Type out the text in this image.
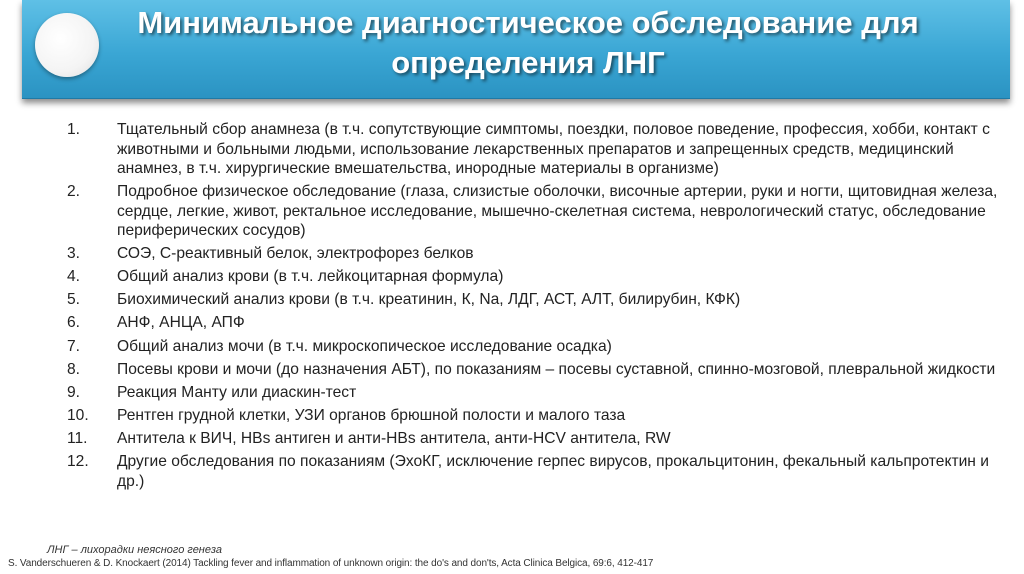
Минимальное диагностическое обследование для определения ЛНГ
1.	Тщательный сбор анамнеза (в т.ч. сопутствующие симптомы, поездки, половое поведение, профессия, хобби, контакт с животными и больными людьми, использование лекарственных препаратов и запрещенных средств, медицинский анамнез, в т.ч. хирургические вмешательства, инородные материалы в организме)
2.	Подробное физическое обследование (глаза, слизистые оболочки, височные артерии, руки и ногти, щитовидная железа, сердце, легкие, живот, ректальное исследование, мышечно-скелетная система, неврологический статус, обследование периферических сосудов)
3.	СОЭ, С-реактивный белок, электрофорез белков
4.	Общий анализ крови (в т.ч. лейкоцитарная формула)
5.	Биохимический анализ крови (в т.ч. креатинин, К, Na, ЛДГ, АСТ, АЛТ, билирубин, КФК)
6.	АНФ, АНЦА, АПФ
7.	Общий анализ мочи (в т.ч. микроскопическое исследование осадка)
8.	Посевы крови и мочи (до назначения АБТ), по показаниям – посевы суставной, спинно-мозговой, плевральной жидкости
9.	Реакция Манту или диаскин-тест
10.	Рентген грудной клетки, УЗИ органов брюшной полости и малого таза
11.	Антитела к ВИЧ, HBs антиген и анти-HBs антитела, анти-HCV антитела, RW
12.	Другие обследования по показаниям (ЭхоКГ, исключение герпес вирусов, прокальцитонин, фекальный кальпротектин и др.)

ЛНГ – лихорадки неясного генеза

S. Vanderschueren & D. Knockaert (2014) Tackling fever and inflammation of unknown origin: the do's and don'ts, Acta Clinica Belgica, 69:6, 412-417
